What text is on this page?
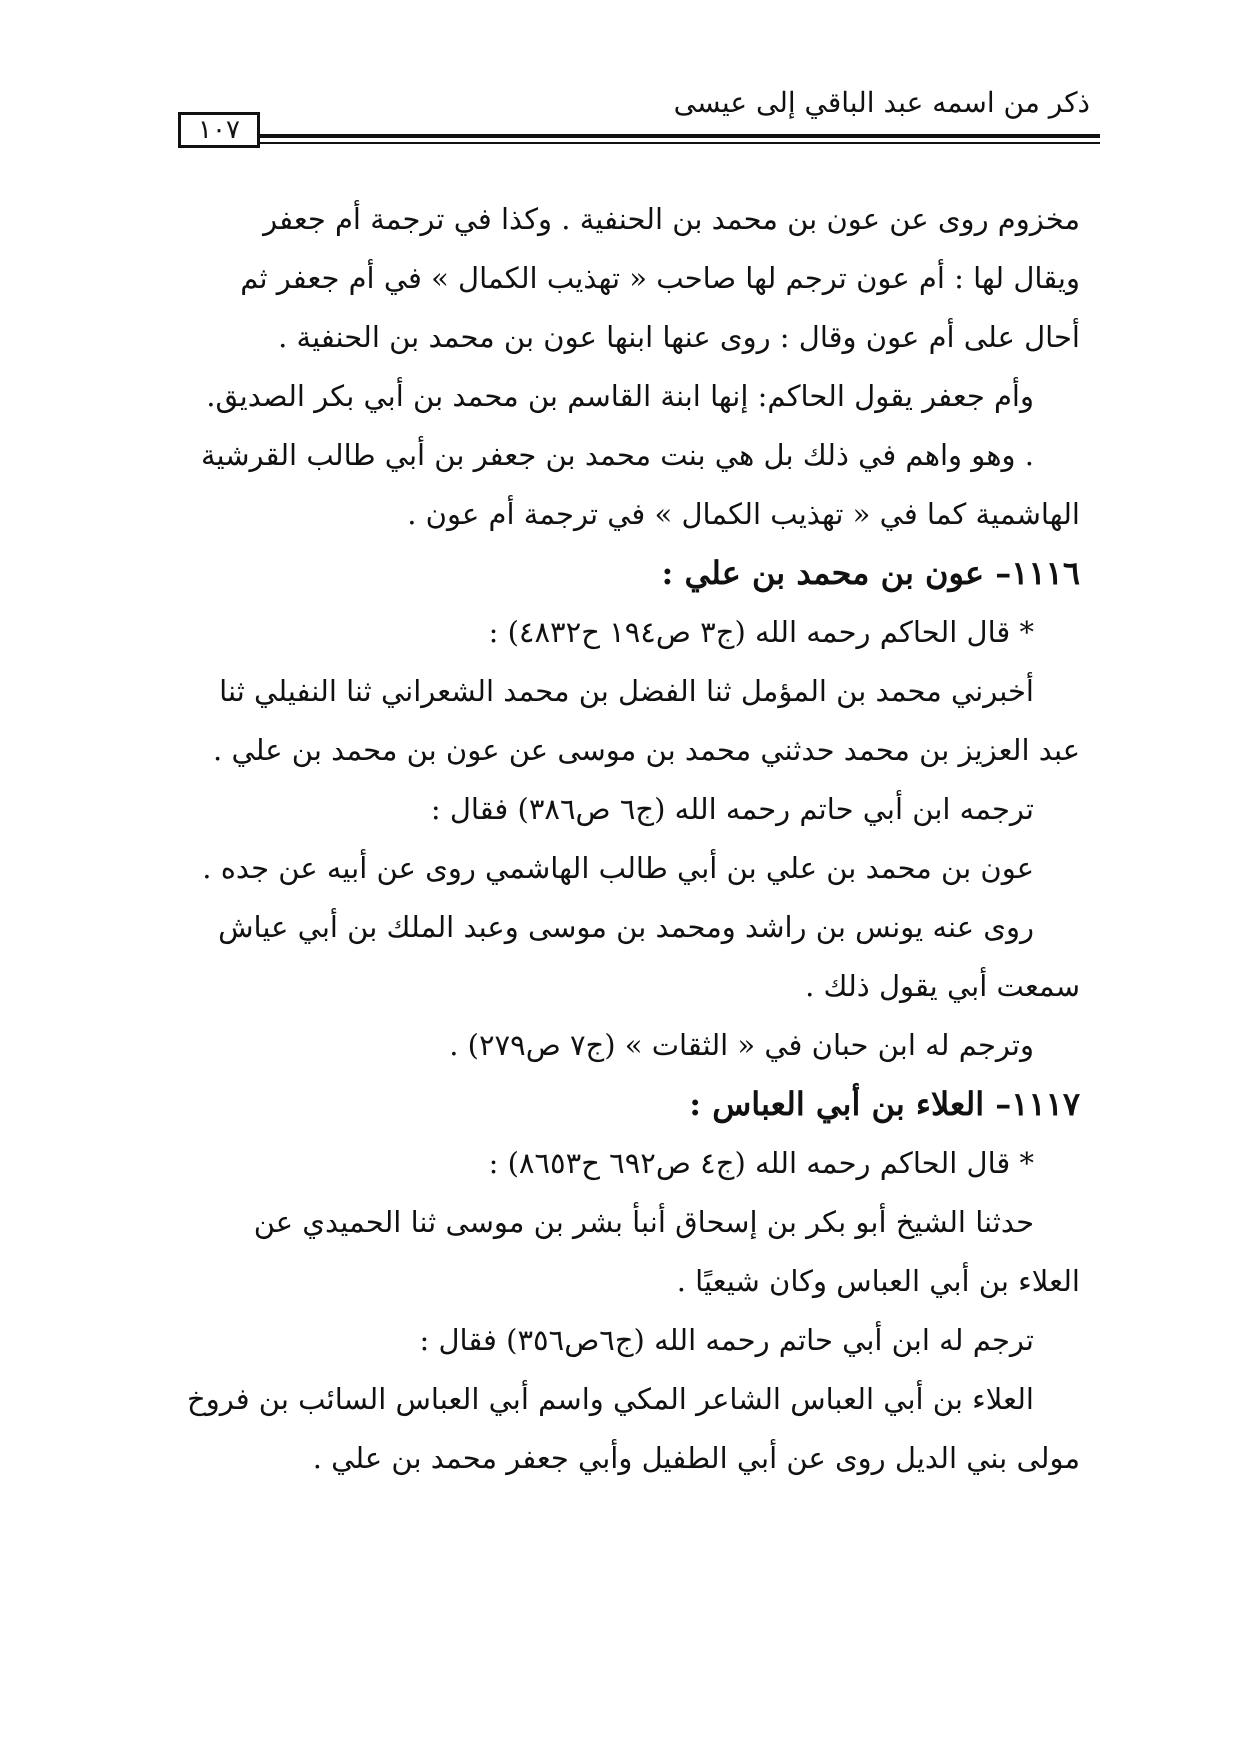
١٠٧
ذكر من اسمه عبد الباقي إلى عيسى
مخزوم روى عن عون بن محمد بن الحنفية . وكذا في ترجمة أم جعفر
ويقال لها : أم عون ترجم لها صاحب « تهذيب الكمال » في أم جعفر ثم
أحال على أم عون وقال : روى عنها ابنها عون بن محمد بن الحنفية .
وأم جعفر يقول الحاكم: إنها ابنة القاسم بن محمد بن أبي بكر الصديق.
. وهو واهم في ذلك بل هي بنت محمد بن جعفر بن أبي طالب القرشية
الهاشمية كما في « تهذيب الكمال » في ترجمة أم عون .
١١١٦– عون بن محمد بن علي :
* قال الحاكم رحمه الله (ج٣ ص١٩٤ ح٤٨٣٢) :
أخبرني محمد بن المؤمل ثنا الفضل بن محمد الشعراني ثنا النفيلي ثنا
عبد العزيز بن محمد حدثني محمد بن موسى عن عون بن محمد بن علي .
ترجمه ابن أبي حاتم رحمه الله (ج٦ ص٣٨٦) فقال :
عون بن محمد بن علي بن أبي طالب الهاشمي روى عن أبيه عن جده .
روى عنه يونس بن راشد ومحمد بن موسى وعبد الملك بن أبي عياش
سمعت أبي يقول ذلك .
وترجم له ابن حبان في « الثقات » (ج٧ ص٢٧٩) .
١١١٧– العلاء بن أبي العباس :
* قال الحاكم رحمه الله (ج٤ ص٦٩٢ ح٨٦٥٣) :
حدثنا الشيخ أبو بكر بن إسحاق أنبأ بشر بن موسى ثنا الحميدي عن
العلاء بن أبي العباس وكان شيعيًا .
ترجم له ابن أبي حاتم رحمه الله (ج٦ص٣٥٦) فقال :
العلاء بن أبي العباس الشاعر المكي واسم أبي العباس السائب بن فروخ
مولى بني الديل روى عن أبي الطفيل وأبي جعفر محمد بن علي .
